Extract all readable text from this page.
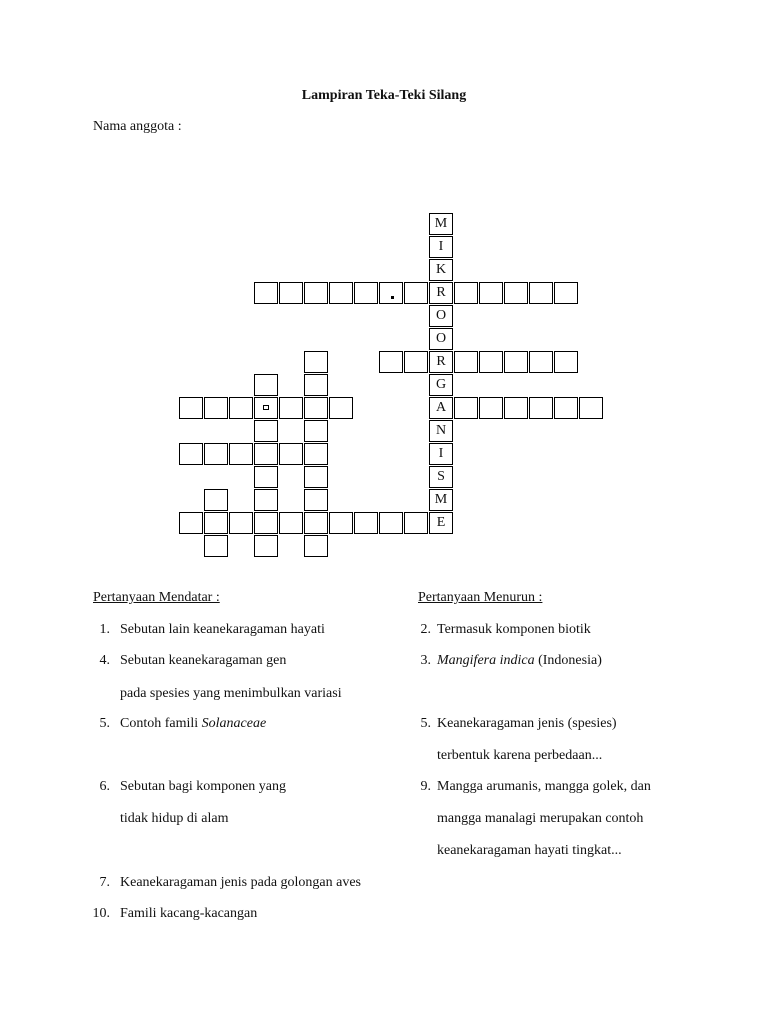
Lampiran Teka-Teki Silang
Nama anggota :
M
I
K
R
O
O
R
G
A
N
I
S
M
E
Pertanyaan Mendatar :	Pertanyaan Menurun :
1. Sebutan lain keanekaragaman hayati
4. Sebutan keanekaragaman gen
pada spesies yang menimbulkan variasi
5. Contoh famili Solanaceae
6. Sebutan bagi komponen yang
tidak hidup di alam
7. Keanekaragaman jenis pada golongan aves
10. Famili kacang-kacangan
2. Termasuk komponen biotik
3. Mangifera indica (Indonesia)
5. Keanekaragaman jenis (spesies)
terbentuk karena perbedaan...
9. Mangga arumanis, mangga golek, dan
mangga manalagi merupakan contoh
keanekaragaman hayati tingkat...
